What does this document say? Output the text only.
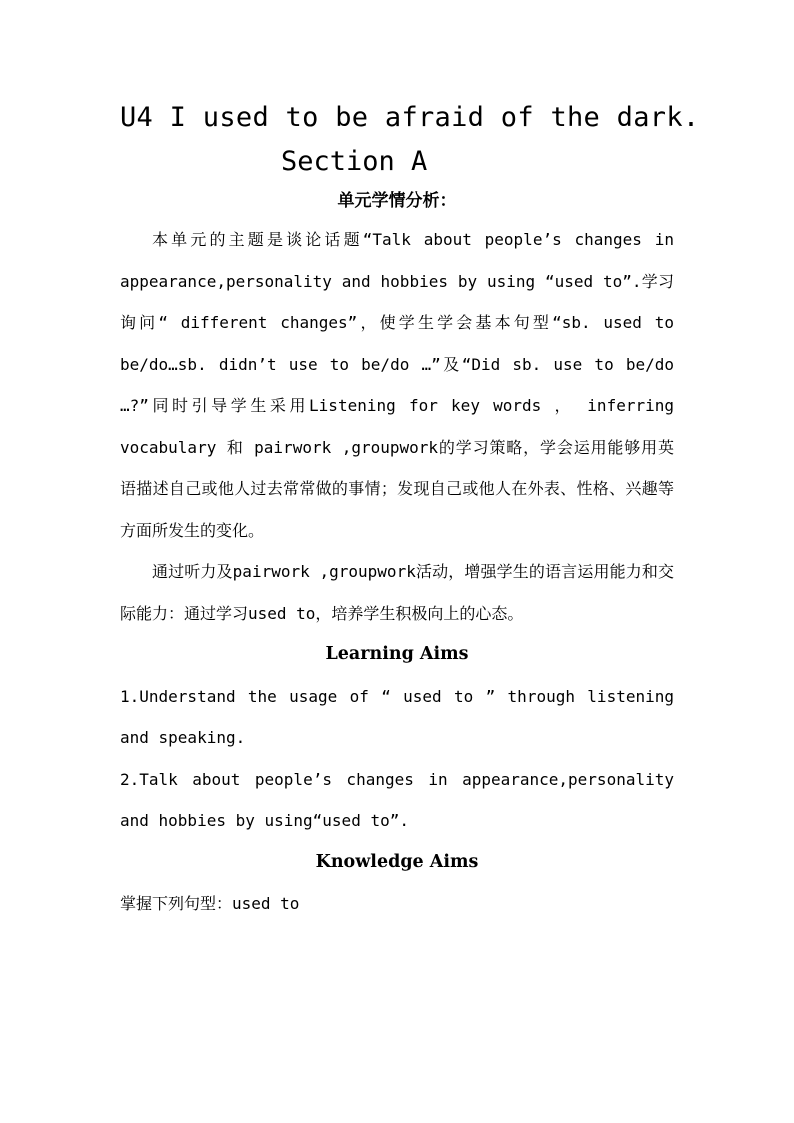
U4 I used to be afraid of the dark.
Section A
单元学情分析：

本单元的主题是谈论话题“Talk about people’s changes in appearance,personality and hobbies by using “used to”.学习询问“ different changes”，使学生学会基本句型“sb. used to be/do…sb. didn’t use to be/do …”及“Did sb. use to be/do …?”同时引导学生采用Listening for key words ， inferring vocabulary 和 pairwork ,groupwork的学习策略，学会运用能够用英语描述自己或他人过去常常做的事情；发现自己或他人在外表、性格、兴趣等方面所发生的变化。

通过听力及pairwork ,groupwork活动，增强学生的语言运用能力和交际能力：通过学习used to，培养学生积极向上的心态。

Learning Aims

1.Understand the usage of “ used to ” through listening and speaking.

2.Talk about people’s changes in appearance,personality and hobbies by using“used to”.

Knowledge Aims

掌握下列句型：used to
